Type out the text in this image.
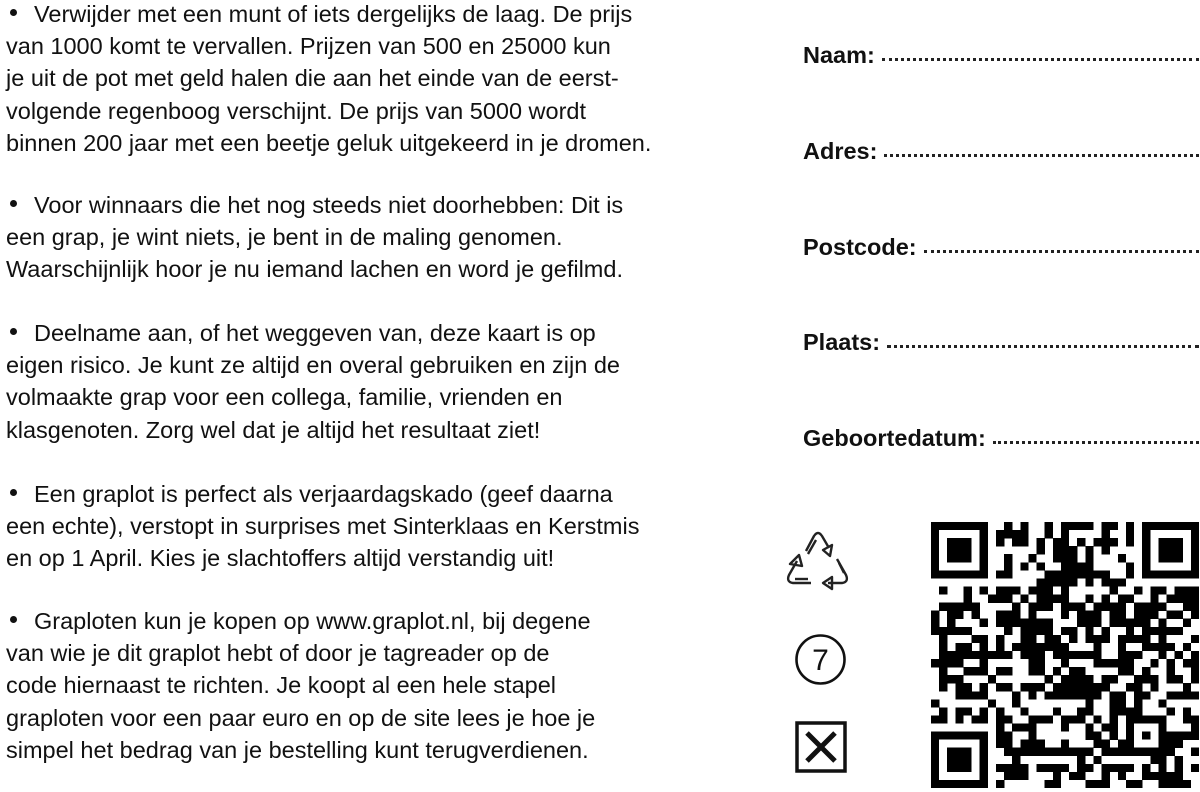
Verwijder met een munt of iets dergelijks de laag. De prijs
van 1000 komt te vervallen. Prijzen van 500 en 25000 kun
je uit de pot met geld halen die aan het einde van de eerst-
volgende regenboog verschijnt. De prijs van 5000 wordt
binnen 200 jaar met een beetje geluk uitgekeerd in je dromen.
Voor winnaars die het nog steeds niet doorhebben: Dit is
een grap, je wint niets, je bent in de maling genomen.
Waarschijnlijk hoor je nu iemand lachen en word je gefilmd.
Deelname aan, of het weggeven van, deze kaart is op
eigen risico. Je kunt ze altijd en overal gebruiken en zijn de
volmaakte grap voor een collega, familie, vrienden en
klasgenoten. Zorg wel dat je altijd het resultaat ziet!
Een graplot is perfect als verjaardagskado (geef daarna
een echte), verstopt in surprises met Sinterklaas en Kerstmis
en op 1 April. Kies je slachtoffers altijd verstandig uit!
Graploten kun je kopen op www.graplot.nl, bij degene
van wie je dit graplot hebt of door je tagreader op de
code hiernaast te richten. Je koopt al een hele stapel
graploten voor een paar euro en op de site lees je hoe je
simpel het bedrag van je bestelling kunt terugverdienen.
Naam:
Adres:
Postcode:
Plaats:
Geboortedatum:
7
